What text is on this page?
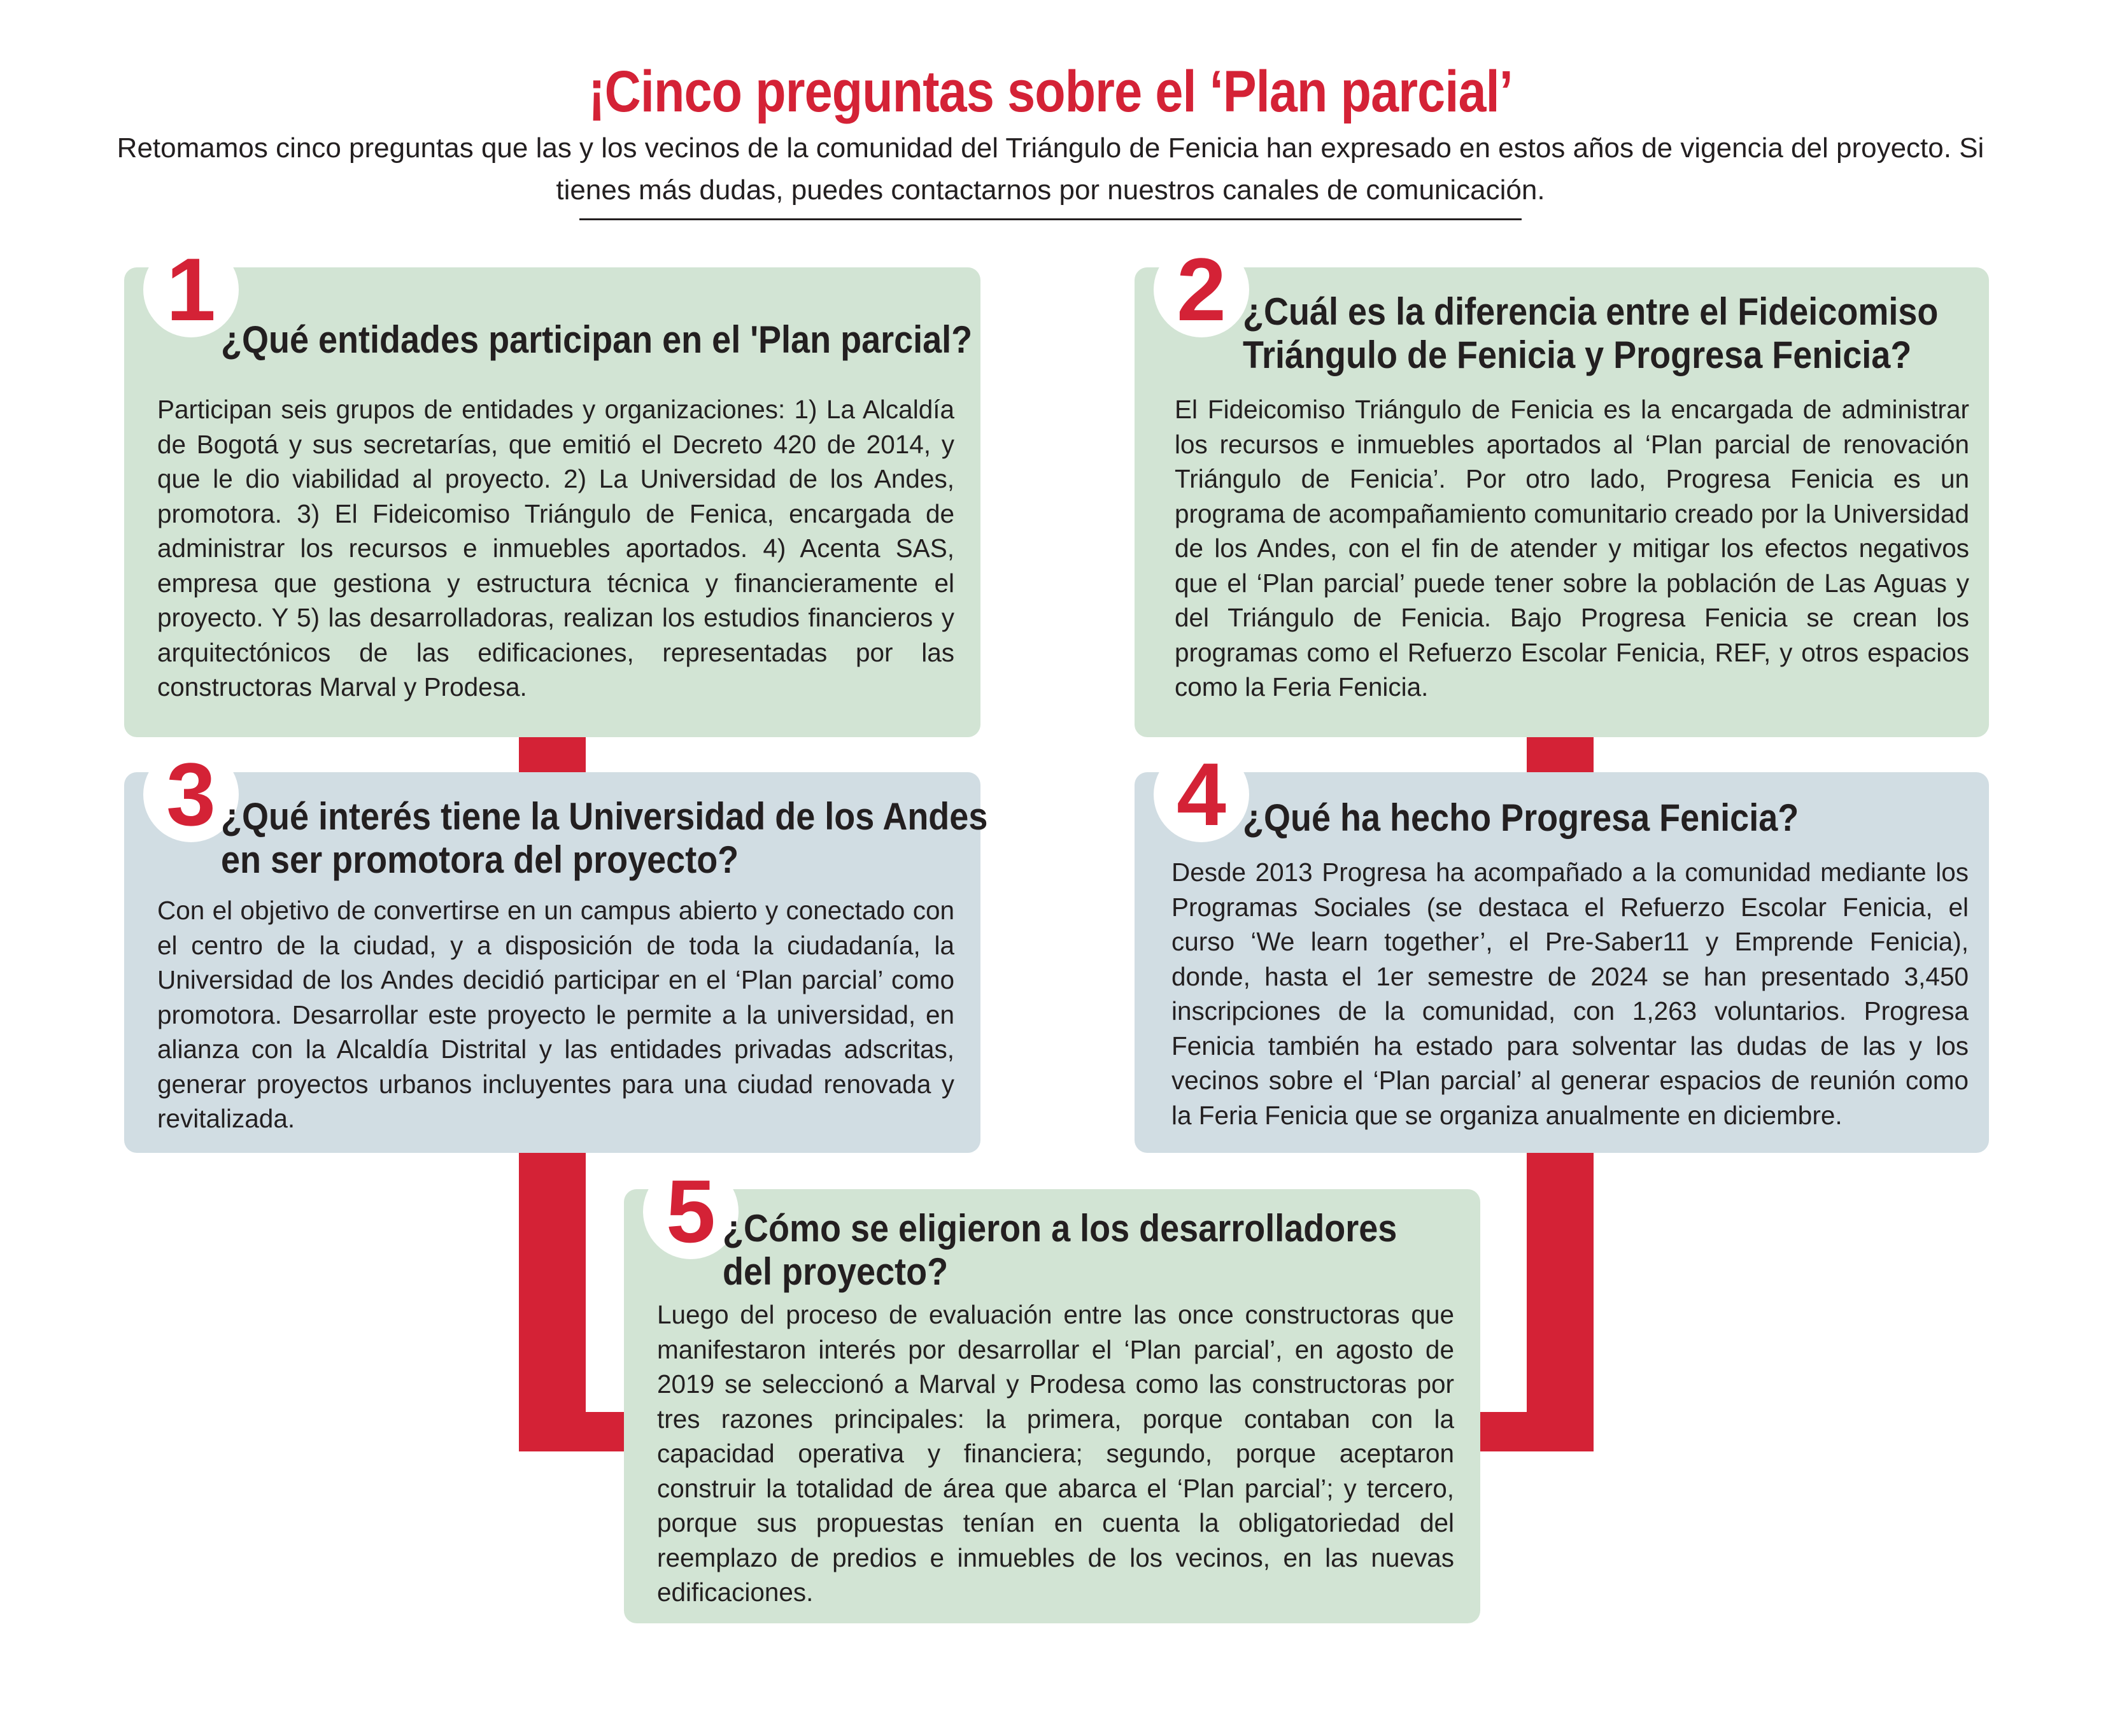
¡Cinco preguntas sobre el ‘Plan parcial’
Retomamos cinco preguntas que las y los vecinos de la comunidad del Triángulo de Fenicia han expresado en estos años de vigencia del proyecto. Si tienes más dudas, puedes contactarnos por nuestros canales de comunicación.
1
¿Qué entidades participan en el 'Plan parcial?
Participan seis grupos de entidades y organizaciones: 1) La Alcaldía de Bogotá y sus secretarías, que emitió el Decreto 420 de 2014, y que le dio viabilidad al proyecto. 2) La Universidad de los Andes, promotora. 3) El Fideicomiso Triángulo de Fenica, encargada de administrar los recursos e inmuebles aportados. 4) Acenta SAS, empresa que gestiona y estructura técnica y financieramente el proyecto. Y 5) las desarrolladoras, realizan los estudios financieros y arquitectónicos de las edificaciones, representadas por las constructoras Marval y Prodesa.
2 ¿Cuál es la diferencia entre el Fideicomiso
Triángulo de Fenicia y Progresa Fenicia?
El Fideicomiso Triángulo de Fenicia es la encargada de administrar los recursos e inmuebles aportados al ‘Plan parcial de renovación Triángulo de Fenicia’. Por otro lado, Progresa Fenicia es un programa de acompañamiento comunitario creado por la Universidad de los Andes, con el fin de atender y mitigar los efectos negativos que el ‘Plan parcial’ puede tener sobre la población de Las Aguas y del Triángulo de Fenicia. Bajo Progresa Fenicia se crean los programas como el Refuerzo Escolar Fenicia, REF, y otros espacios como la Feria Fenicia.
3 ¿Qué interés tiene la Universidad de los Andes
en ser promotora del proyecto?
Con el objetivo de convertirse en un campus abierto y conectado con el centro de la ciudad, y a disposición de toda la ciudadanía, la Universidad de los Andes decidió participar en el ‘Plan parcial’ como promotora. Desarrollar este proyecto le permite a la universidad, en alianza con la Alcaldía Distrital y las entidades privadas adscritas, generar proyectos urbanos incluyentes para una ciudad renovada y revitalizada.
4 ¿Qué ha hecho Progresa Fenicia?
Desde 2013 Progresa ha acompañado a la comunidad mediante los Programas Sociales (se destaca el Refuerzo Escolar Fenicia, el curso ‘We learn together’, el Pre-Saber11 y Emprende Fenicia), donde, hasta el 1er semestre de 2024 se han presentado 3,450 inscripciones de la comunidad, con 1,263 voluntarios. Progresa Fenicia también ha estado para solventar las dudas de las y los vecinos sobre el ‘Plan parcial’ al generar espacios de reunión como la Feria Fenicia que se organiza anualmente en diciembre.
5 ¿Cómo se eligieron a los desarrolladores
del proyecto?
Luego del proceso de evaluación entre las once constructoras que manifestaron interés por desarrollar el ‘Plan parcial’, en agosto de 2019 se seleccionó a Marval y Prodesa como las constructoras por tres razones principales: la primera, porque contaban con la capacidad operativa y financiera; segundo, porque aceptaron construir la totalidad de área que abarca el ‘Plan parcial’; y tercero, porque sus propuestas tenían en cuenta la obligatoriedad del reemplazo de predios e inmuebles de los vecinos, en las nuevas edificaciones.
